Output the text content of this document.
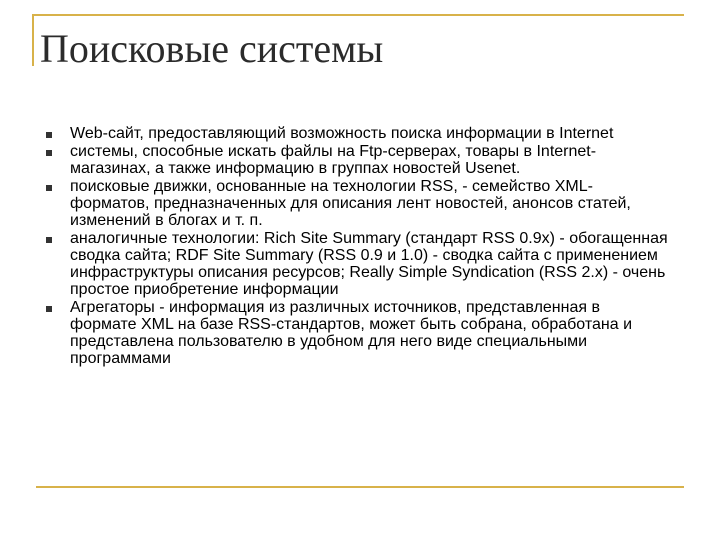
Поисковые системы
Web-сайт, предоставляющий возможность поиска информации в Internet
системы, способные искать файлы на Ftp-серверах, товары в Internet-магазинах, а также информацию в группах новостей Usenet.
поисковые движки, основанные на технологии RSS, - семейство XML-форматов, предназначенных для описания лент новостей, анонсов статей, изменений в блогах и т. п.
аналогичные технологии: Rich Site Summary (стандарт RSS 0.9x) - обогащенная сводка сайта; RDF Site Summary (RSS 0.9 и 1.0) - сводка сайта с применением инфраструктуры описания ресурсов; Really Simple Syndication (RSS 2.x) - очень простое приобретение информации
Агрегаторы - информация из различных источников, представленная в формате XML на базе RSS-стандартов, может быть собрана, обработана и представлена пользователю в удобном для него виде специальными программами
